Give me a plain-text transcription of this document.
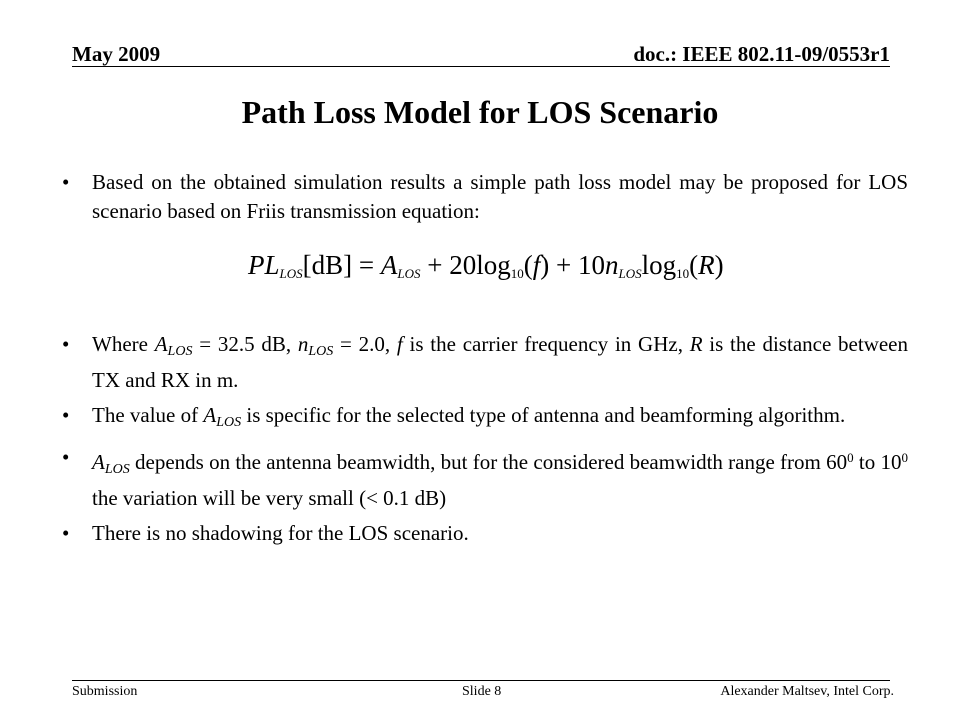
May 2009	doc.: IEEE 802.11-09/0553r1
Path Loss Model for LOS Scenario
• Based on the obtained simulation results a simple path loss model may be proposed for LOS scenario based on Friis transmission equation:
• Where $A_{LOS} = 32.5$ dB, $n_{LOS} = 2.0$, f is the carrier frequency in GHz, R is the distance between TX and RX in m.
• The value of $A_{LOS}$ is specific for the selected type of antenna and beamforming algorithm.
• $A_{LOS}$ depends on the antenna beamwidth, but for the considered beamwidth range from $60^0$ to $10^0$ the variation will be very small (< 0.1 dB)
• There is no shadowing for the LOS scenario.
$PL_{LOS}[dB] = A_{LOS} + 20\log_{10}(f) + 10n_{LOS}\log_{10}(R)$
Submission	Slide 8	Alexander Maltsev, Intel Corp.
